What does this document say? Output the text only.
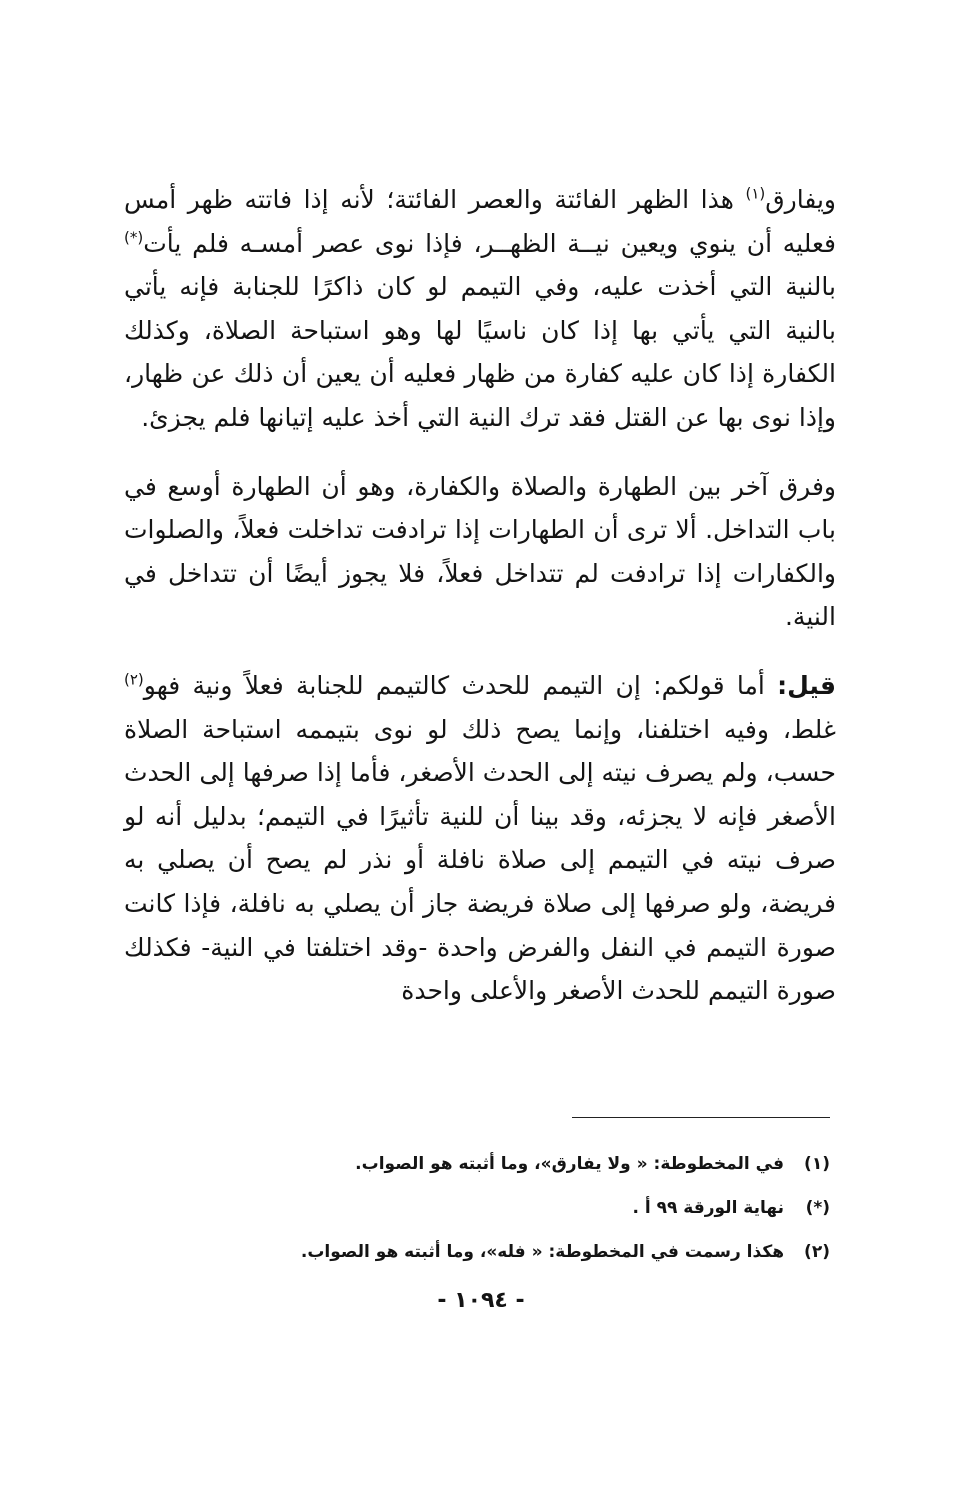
ويفارق$^{(١)}$ هذا الظهر الفائتة والعصر الفائتة؛ لأنه إذا فاتته ظهر أمس فعليه أن ينوي ويعين نيــة الظهــر، فإذا نوى عصر أمسـه فلم يأت(*) بالنية التي أخذت عليه، وفي التيمم لو كان ذاكرًا للجنابة فإنه يأتي بالنية التي يأتي بها إذا كان ناسيًا لها وهو استباحة الصلاة، وكذلك الكفارة إذا كان عليه كفارة من ظهار فعليه أن يعين أن ذلك عن ظهار، وإذا نوى بها عن القتل فقد ترك النية التي أخذ عليه إتيانها فلم يجزئ.

وفرق آخر بين الطهارة والصلاة والكفارة، وهو أن الطهارة أوسع في باب التداخل. ألا ترى أن الطهارات إذا ترادفت تداخلت فعلاً، والصلوات والكفارات إذا ترادفت لم تتداخل فعلاً، فلا يجوز أيضًا أن تتداخل في النية.

قيل: أما قولكم: إن التيمم للحدث كالتيمم للجنابة فعلاً ونية فهو$^{(٢)}$ غلط، وفيه اختلفنا، وإنما يصح ذلك لو نوى بتيممه استباحة الصلاة حسب، ولم يصرف نيته إلى الحدث الأصغر، فأما إذا صرفها إلى الحدث الأصغر فإنه لا يجزئه، وقد بينا أن للنية تأثيرًا في التيمم؛ بدليل أنه لو صرف نيته في التيمم إلى صلاة نافلة أو نذر لم يصح أن يصلي به فريضة، ولو صرفها إلى صلاة فريضة جاز أن يصلي به نافلة، فإذا كانت صورة التيمم في النفل والفرض واحدة -وقد اختلفتا في النية- فكذلك صورة التيمم للحدث الأصغر والأعلى واحدة

(١)
في المخطوطة: « ولا يفارق»، وما أثبته هو الصواب.
(*)
نهاية الورقة ٩٩ أ .
(٢)
هكذا رسمت في المخطوطة: « فله»، وما أثبته هو الصواب.
- ١٠٩٤ -
